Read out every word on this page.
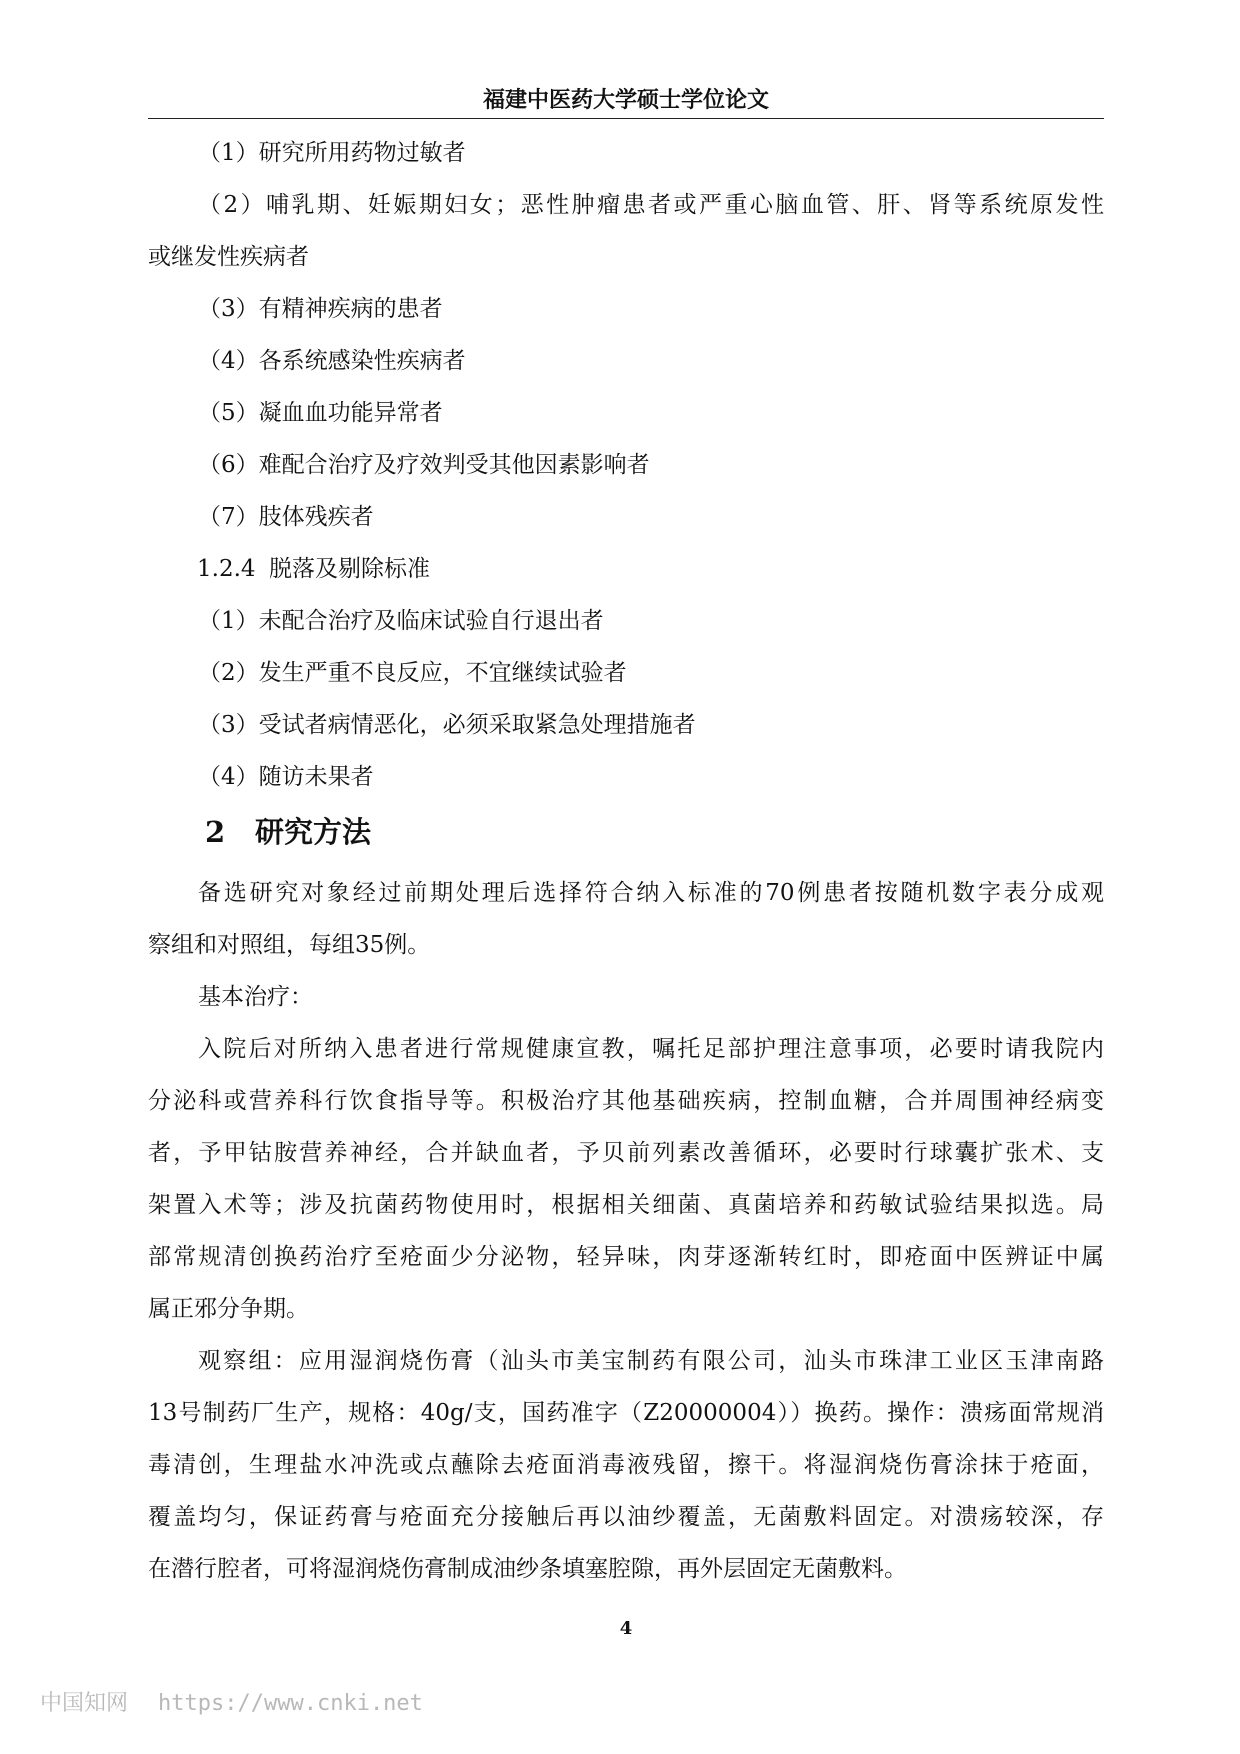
福建中医药大学硕士学位论文
（1）研究所用药物过敏者
（2）哺乳期、妊娠期妇女；恶性肿瘤患者或严重心脑血管、肝、肾等系统原发性
或继发性疾病者
（3）有精神疾病的患者
（4）各系统感染性疾病者
（5）凝血血功能异常者
（6）难配合治疗及疗效判受其他因素影响者
（7）肢体残疾者
1.2.4 脱落及剔除标准
（1）未配合治疗及临床试验自行退出者
（2）发生严重不良反应，不宜继续试验者
（3）受试者病情恶化，必须采取紧急处理措施者
（4）随访未果者
2 研究方法
备选研究对象经过前期处理后选择符合纳入标准的70例患者按随机数字表分成观
察组和对照组，每组35例。
基本治疗：
入院后对所纳入患者进行常规健康宣教，嘱托足部护理注意事项，必要时请我院内
分泌科或营养科行饮食指导等。积极治疗其他基础疾病，控制血糖，合并周围神经病变
者，予甲钴胺营养神经，合并缺血者，予贝前列素改善循环，必要时行球囊扩张术、支
架置入术等；涉及抗菌药物使用时，根据相关细菌、真菌培养和药敏试验结果拟选。局
部常规清创换药治疗至疮面少分泌物，轻异味，肉芽逐渐转红时，即疮面中医辨证中属
属正邪分争期。
观察组：应用湿润烧伤膏（汕头市美宝制药有限公司，汕头市珠津工业区玉津南路
13号制药厂生产，规格：40g/支，国药准字（Z20000004））换药。操作：溃疡面常规消
毒清创，生理盐水冲洗或点蘸除去疮面消毒液残留，擦干。将湿润烧伤膏涂抹于疮面，
覆盖均匀，保证药膏与疮面充分接触后再以油纱覆盖，无菌敷料固定。对溃疡较深，存
在潜行腔者，可将湿润烧伤膏制成油纱条填塞腔隙，再外层固定无菌敷料。
4
中国知网 https://www.cnki.net
